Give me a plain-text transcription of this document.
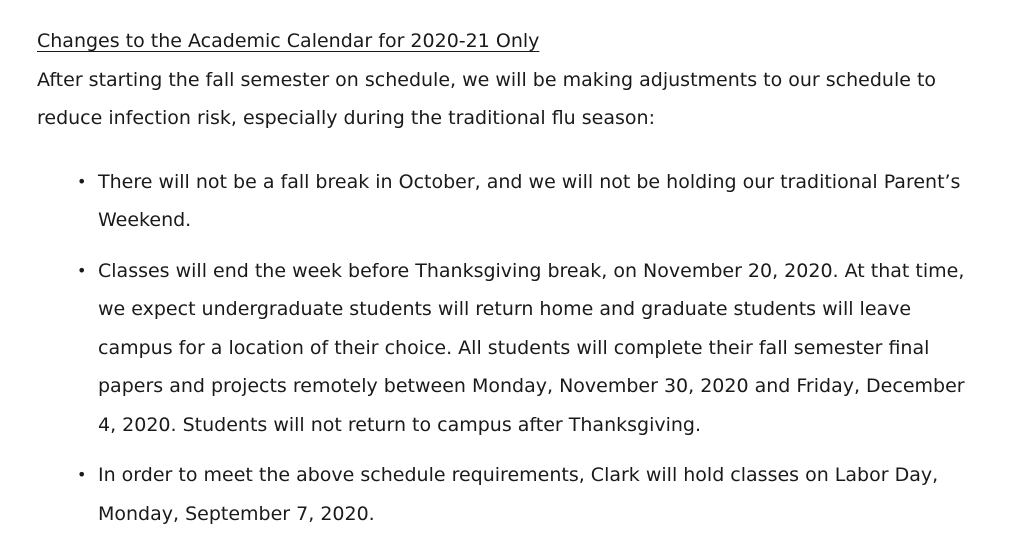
Changes to the Academic Calendar for 2020-21 Only

After starting the fall semester on schedule, we will be making adjustments to our schedule to reduce infection risk, especially during the traditional flu season:

• There will not be a fall break in October, and we will not be holding our traditional Parent’s Weekend.
• Classes will end the week before Thanksgiving break, on November 20, 2020. At that time, we expect undergraduate students will return home and graduate students will leave campus for a location of their choice. All students will complete their fall semester final papers and projects remotely between Monday, November 30, 2020 and Friday, December 4, 2020. Students will not return to campus after Thanksgiving.
• In order to meet the above schedule requirements, Clark will hold classes on Labor Day, Monday, September 7, 2020.
